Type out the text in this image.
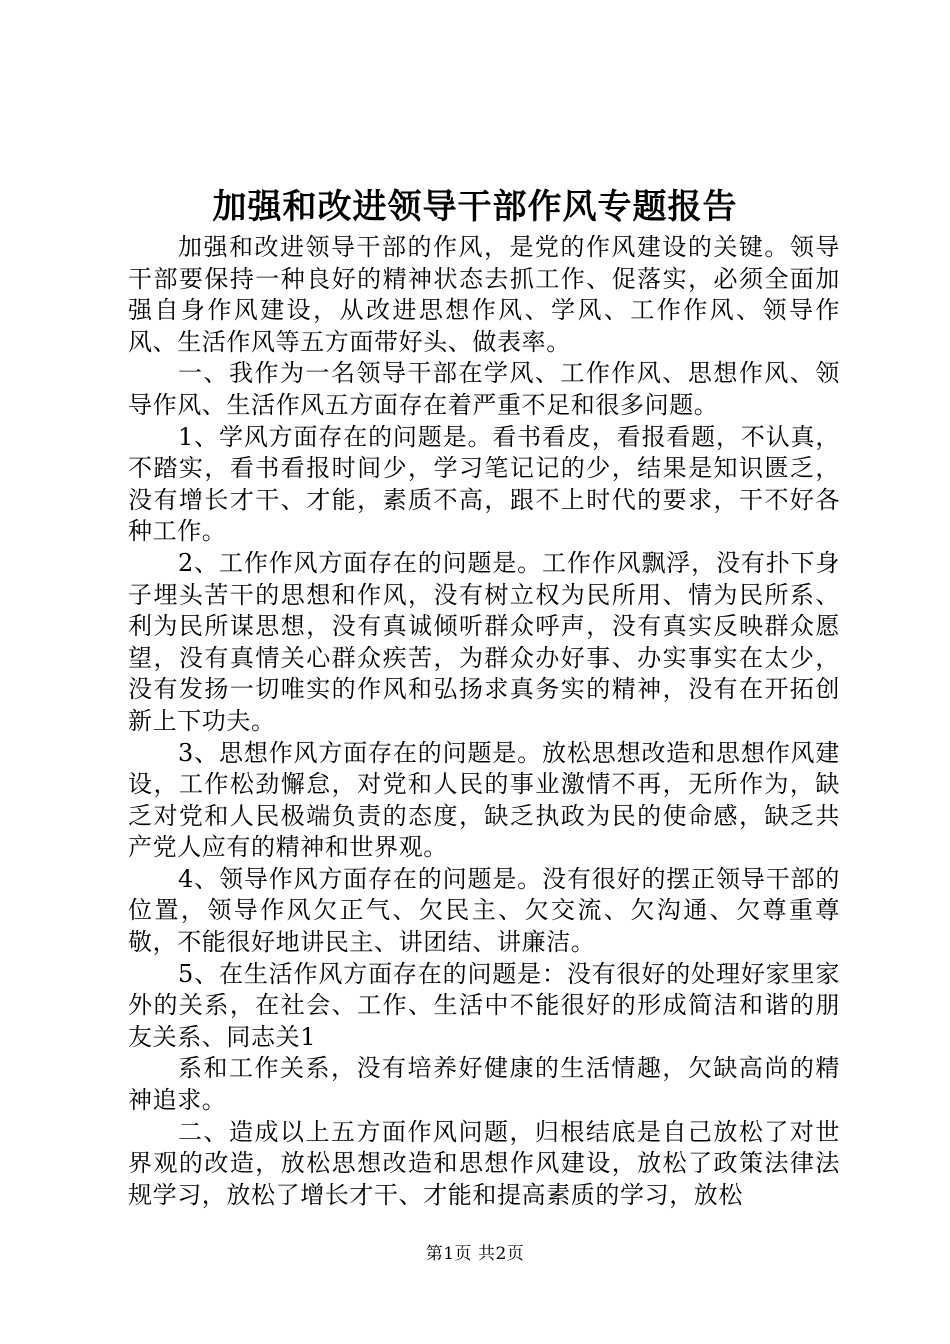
加强和改进领导干部作风专题报告

加强和改进领导干部的作风，是党的作风建设的关键。领导干部要保持一种良好的精神状态去抓工作、促落实，必须全面加强自身作风建设，从改进思想作风、学风、工作作风、领导作风、生活作风等五方面带好头、做表率。

一、我作为一名领导干部在学风、工作作风、思想作风、领导作风、生活作风五方面存在着严重不足和很多问题。

1、学风方面存在的问题是。看书看皮，看报看题，不认真，不踏实，看书看报时间少，学习笔记记的少，结果是知识匮乏，没有增长才干、才能，素质不高，跟不上时代的要求，干不好各种工作。

2、工作作风方面存在的问题是。工作作风飘浮，没有扑下身子埋头苦干的思想和作风，没有树立权为民所用、情为民所系、利为民所谋思想，没有真诚倾听群众呼声，没有真实反映群众愿望，没有真情关心群众疾苦，为群众办好事、办实事实在太少，没有发扬一切唯实的作风和弘扬求真务实的精神，没有在开拓创新上下功夫。

3、思想作风方面存在的问题是。放松思想改造和思想作风建设，工作松劲懈怠，对党和人民的事业激情不再，无所作为，缺乏对党和人民极端负责的态度，缺乏执政为民的使命感，缺乏共产党人应有的精神和世界观。

4、领导作风方面存在的问题是。没有很好的摆正领导干部的位置，领导作风欠正气、欠民主、欠交流、欠沟通、欠尊重尊敬，不能很好地讲民主、讲团结、讲廉洁。

5、在生活作风方面存在的问题是：没有很好的处理好家里家外的关系，在社会、工作、生活中不能很好的形成简洁和谐的朋友关系、同志关1

系和工作关系，没有培养好健康的生活情趣，欠缺高尚的精神追求。

二、造成以上五方面作风问题，归根结底是自己放松了对世界观的改造，放松思想改造和思想作风建设，放松了政策法律法规学习，放松了增长才干、才能和提高素质的学习，放松

第1页 共2页
